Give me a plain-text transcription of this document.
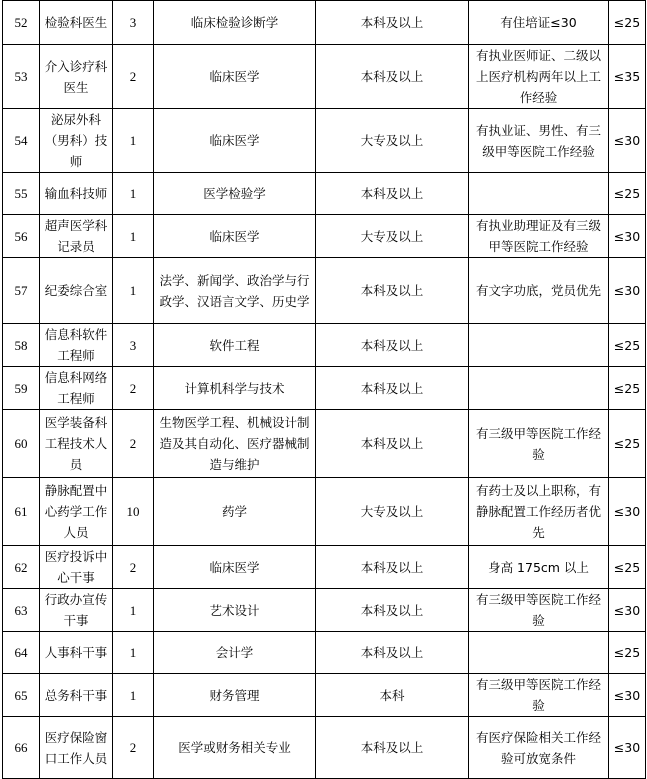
52	检验科医生	3	临床检验诊断学	本科及以上	有住培证≤30	≤25
53	介入诊疗科医生	2	临床医学	本科及以上	有执业医师证、二级以上医疗机构两年以上工作经验	≤35
54	泌尿外科（男科）技师	1	临床医学	大专及以上	有执业证、男性、有三级甲等医院工作经验	≤30
55	输血科技师	1	医学检验学	本科及以上		≤25
56	超声医学科记录员	1	临床医学	大专及以上	有执业助理证及有三级甲等医院工作经验	≤30
57	纪委综合室	1	法学、新闻学、政治学与行政学、汉语言文学、历史学	本科及以上	有文字功底，党员优先	≤30
58	信息科软件工程师	3	软件工程	本科及以上		≤25
59	信息科网络工程师	2	计算机科学与技术	本科及以上		≤25
60	医学装备科工程技术人员	2	生物医学工程、机械设计制造及其自动化、医疗器械制造与维护	本科及以上	有三级甲等医院工作经验	≤25
61	静脉配置中心药学工作人员	10	药学	大专及以上	有药士及以上职称，有静脉配置工作经历者优先	≤30
62	医疗投诉中心干事	2	临床医学	本科及以上	身高 175cm 以上	≤25
63	行政办宣传干事	1	艺术设计	本科及以上	有三级甲等医院工作经验	≤30
64	人事科干事	1	会计学	本科及以上		≤25
65	总务科干事	1	财务管理	本科	有三级甲等医院工作经验	≤30
66	医疗保险窗口工作人员	2	医学或财务相关专业	本科及以上	有医疗保险相关工作经验可放宽条件	≤30
